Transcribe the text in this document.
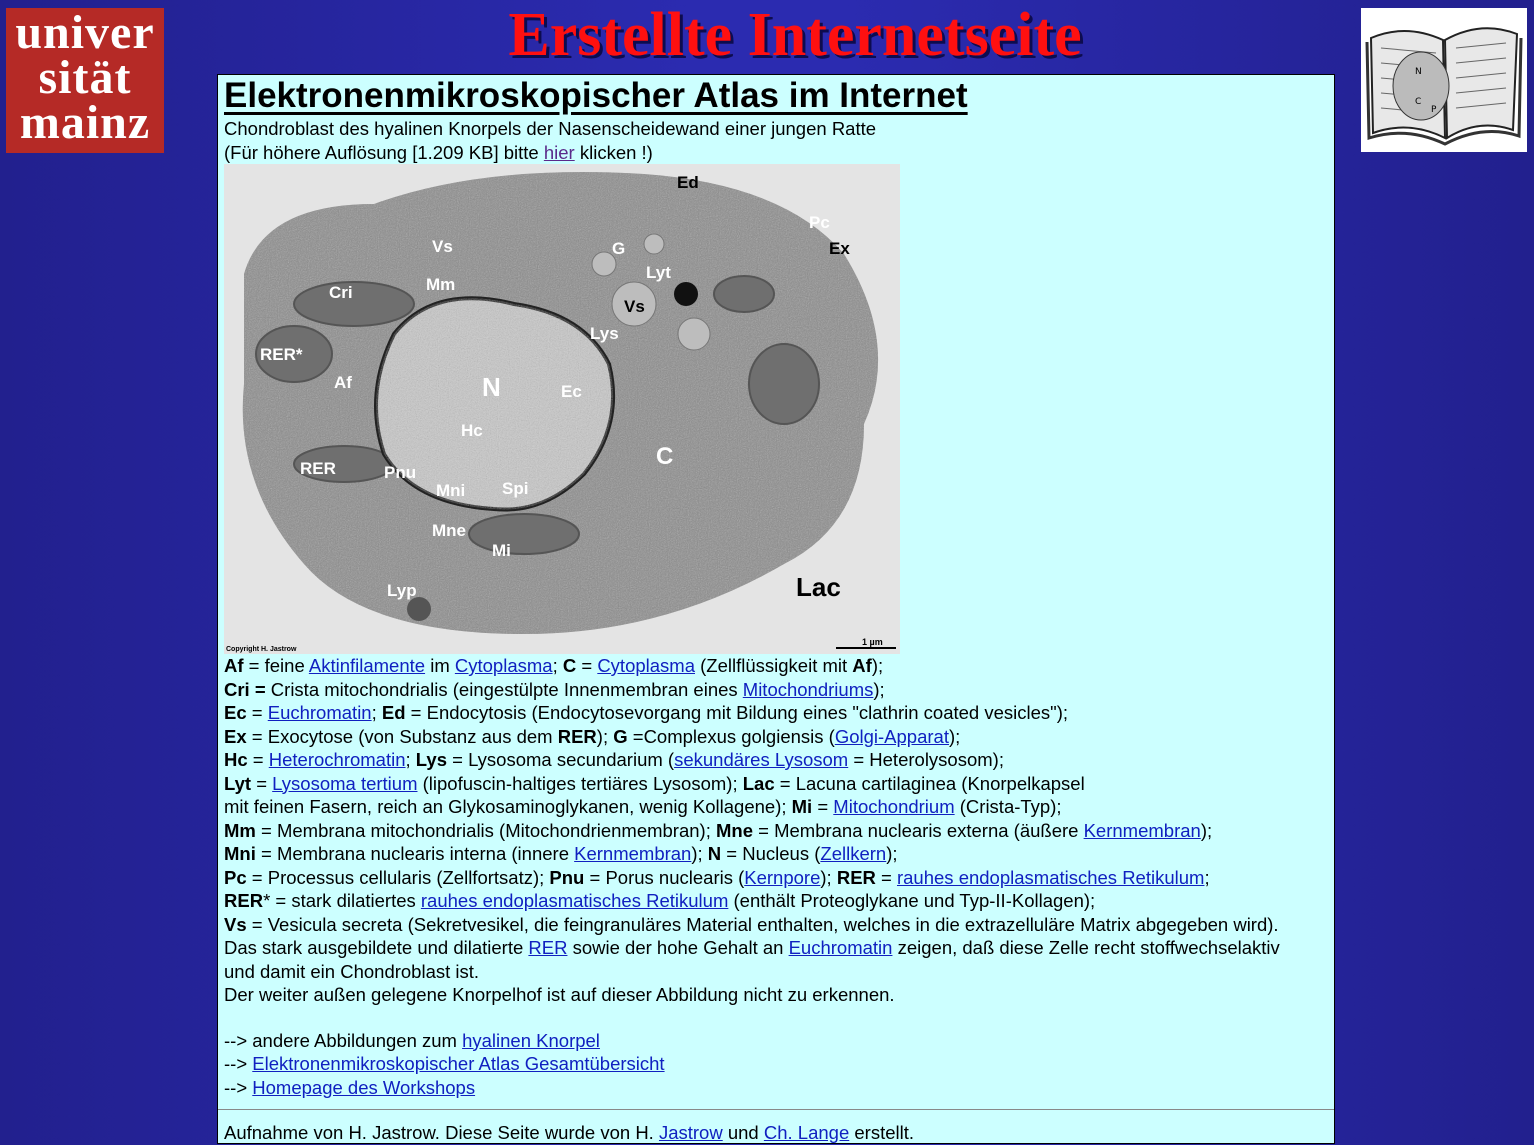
univer
sität
mainz
Erstellte Internetseite
N
C
P
Elektronenmikroskopischer Atlas im Internet
Chondroblast des hyalinen Knorpels der Nasenscheidewand einer jungen Ratte
(Für höhere Auflösung [1.209 KB] bitte hier klicken !)
Ed
Pc
Ex
Vs	G
Lyt
Cri	Mm
Vs
Lys
RER*
Af	N	Ec
Hc
C
RER	Pnu
Mni Spi
Mne
Mi
Lac
Lyp
Copyright H. Jastrow
1 µm

Af = feine Aktinfilamente im Cytoplasma; C = Cytoplasma (Zellflüssigkeit mit Af);

Cri = Crista mitochondrialis (eingestülpte Innenmembran eines Mitochondriums);

Ec = Euchromatin; Ed = Endocytosis (Endocytosevorgang mit Bildung eines "clathrin coated vesicles");

Ex = Exocytose (von Substanz aus dem RER); G =Complexus golgiensis (Golgi-Apparat);

Hc = Heterochromatin; Lys = Lysosoma secundarium (sekundäres Lysosom = Heterolysosom);

Lyt = Lysosoma tertium (lipofuscin-haltiges tertiäres Lysosom); Lac = Lacuna cartilaginea (Knorpelkapsel

mit feinen Fasern, reich an Glykosaminoglykanen, wenig Kollagene); Mi = Mitochondrium (Crista-Typ);

Mm = Membrana mitochondrialis (Mitochondrienmembran); Mne = Membrana nuclearis externa (äußere Kernmembran);

Mni = Membrana nuclearis interna (innere Kernmembran); N = Nucleus (Zellkern);

Pc = Processus cellularis (Zellfortsatz); Pnu = Porus nuclearis (Kernpore); RER = rauhes endoplasmatisches Retikulum;

RER* = stark dilatiertes rauhes endoplasmatisches Retikulum (enthält Proteoglykane und Typ-II-Kollagen);

Vs = Vesicula secreta (Sekretvesikel, die feingranuläres Material enthalten, welches in die extrazelluläre Matrix abgegeben wird).

Das stark ausgebildete und dilatierte RER sowie der hohe Gehalt an Euchromatin zeigen, daß diese Zelle recht stoffwechselaktiv
und damit ein Chondroblast ist.
Der weiter außen gelegene Knorpelhof ist auf dieser Abbildung nicht zu erkennen.
--> andere Abbildungen zum hyalinen Knorpel
--> Elektronenmikroskopischer Atlas Gesamtübersicht
--> Homepage des Workshops
Aufnahme von H. Jastrow. Diese Seite wurde von H. Jastrow und Ch. Lange erstellt.
